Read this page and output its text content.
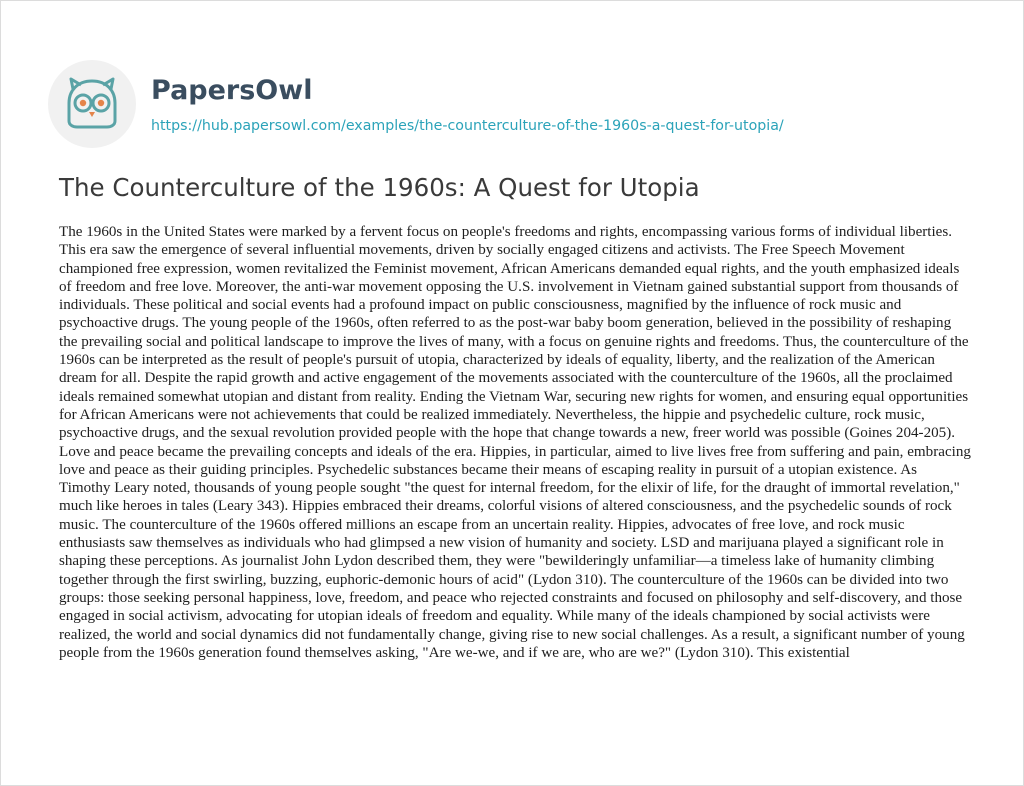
PapersOwl
https://hub.papersowl.com/examples/the-counterculture-of-the-1960s-a-quest-for-utopia/
The Counterculture of the 1960s: A Quest for Utopia

The 1960s in the United States were marked by a fervent focus on people's freedoms and rights, encompassing various forms of individual liberties. This era saw the emergence of several influential movements, driven by socially engaged citizens and activists. The Free Speech Movement championed free expression, women revitalized the Feminist movement, African Americans demanded equal rights, and the youth emphasized ideals of freedom and free love. Moreover, the anti-war movement opposing the U.S. involvement in Vietnam gained substantial support from thousands of individuals. These political and social events had a profound impact on public consciousness, magnified by the influence of rock music and psychoactive drugs. The young people of the 1960s, often referred to as the post-war baby boom generation, believed in the possibility of reshaping the prevailing social and political landscape to improve the lives of many, with a focus on genuine rights and freedoms. Thus, the counterculture of the 1960s can be interpreted as the result of people's pursuit of utopia, characterized by ideals of equality, liberty, and the realization of the American dream for all. Despite the rapid growth and active engagement of the movements associated with the counterculture of the 1960s, all the proclaimed ideals remained somewhat utopian and distant from reality. Ending the Vietnam War, securing new rights for women, and ensuring equal opportunities for African Americans were not achievements that could be realized immediately. Nevertheless, the hippie and psychedelic culture, rock music, psychoactive drugs, and the sexual revolution provided people with the hope that change towards a new, freer world was possible (Goines 204-205). Love and peace became the prevailing concepts and ideals of the era. Hippies, in particular, aimed to live lives free from suffering and pain, embracing love and peace as their guiding principles. Psychedelic substances became their means of escaping reality in pursuit of a utopian existence. As Timothy Leary noted, thousands of young people sought "the quest for internal freedom, for the elixir of life, for the draught of immortal revelation," much like heroes in tales (Leary 343). Hippies embraced their dreams, colorful visions of altered consciousness, and the psychedelic sounds of rock music. The counterculture of the 1960s offered millions an escape from an uncertain reality. Hippies, advocates of free love, and rock music enthusiasts saw themselves as individuals who had glimpsed a new vision of humanity and society. LSD and marijuana played a significant role in shaping these perceptions. As journalist John Lydon described them, they were "bewilderingly unfamiliar—a timeless lake of humanity climbing together through the first swirling, buzzing, euphoric-demonic hours of acid" (Lydon 310). The counterculture of the 1960s can be divided into two groups: those seeking personal happiness, love, freedom, and peace who rejected constraints and focused on philosophy and self-discovery, and those engaged in social activism, advocating for utopian ideals of freedom and equality. While many of the ideals championed by social activists were realized, the world and social dynamics did not fundamentally change, giving rise to new social challenges. As a result, a significant number of young people from the 1960s generation found themselves asking, "Are we-we, and if we are, who are we?" (Lydon 310). This existential
